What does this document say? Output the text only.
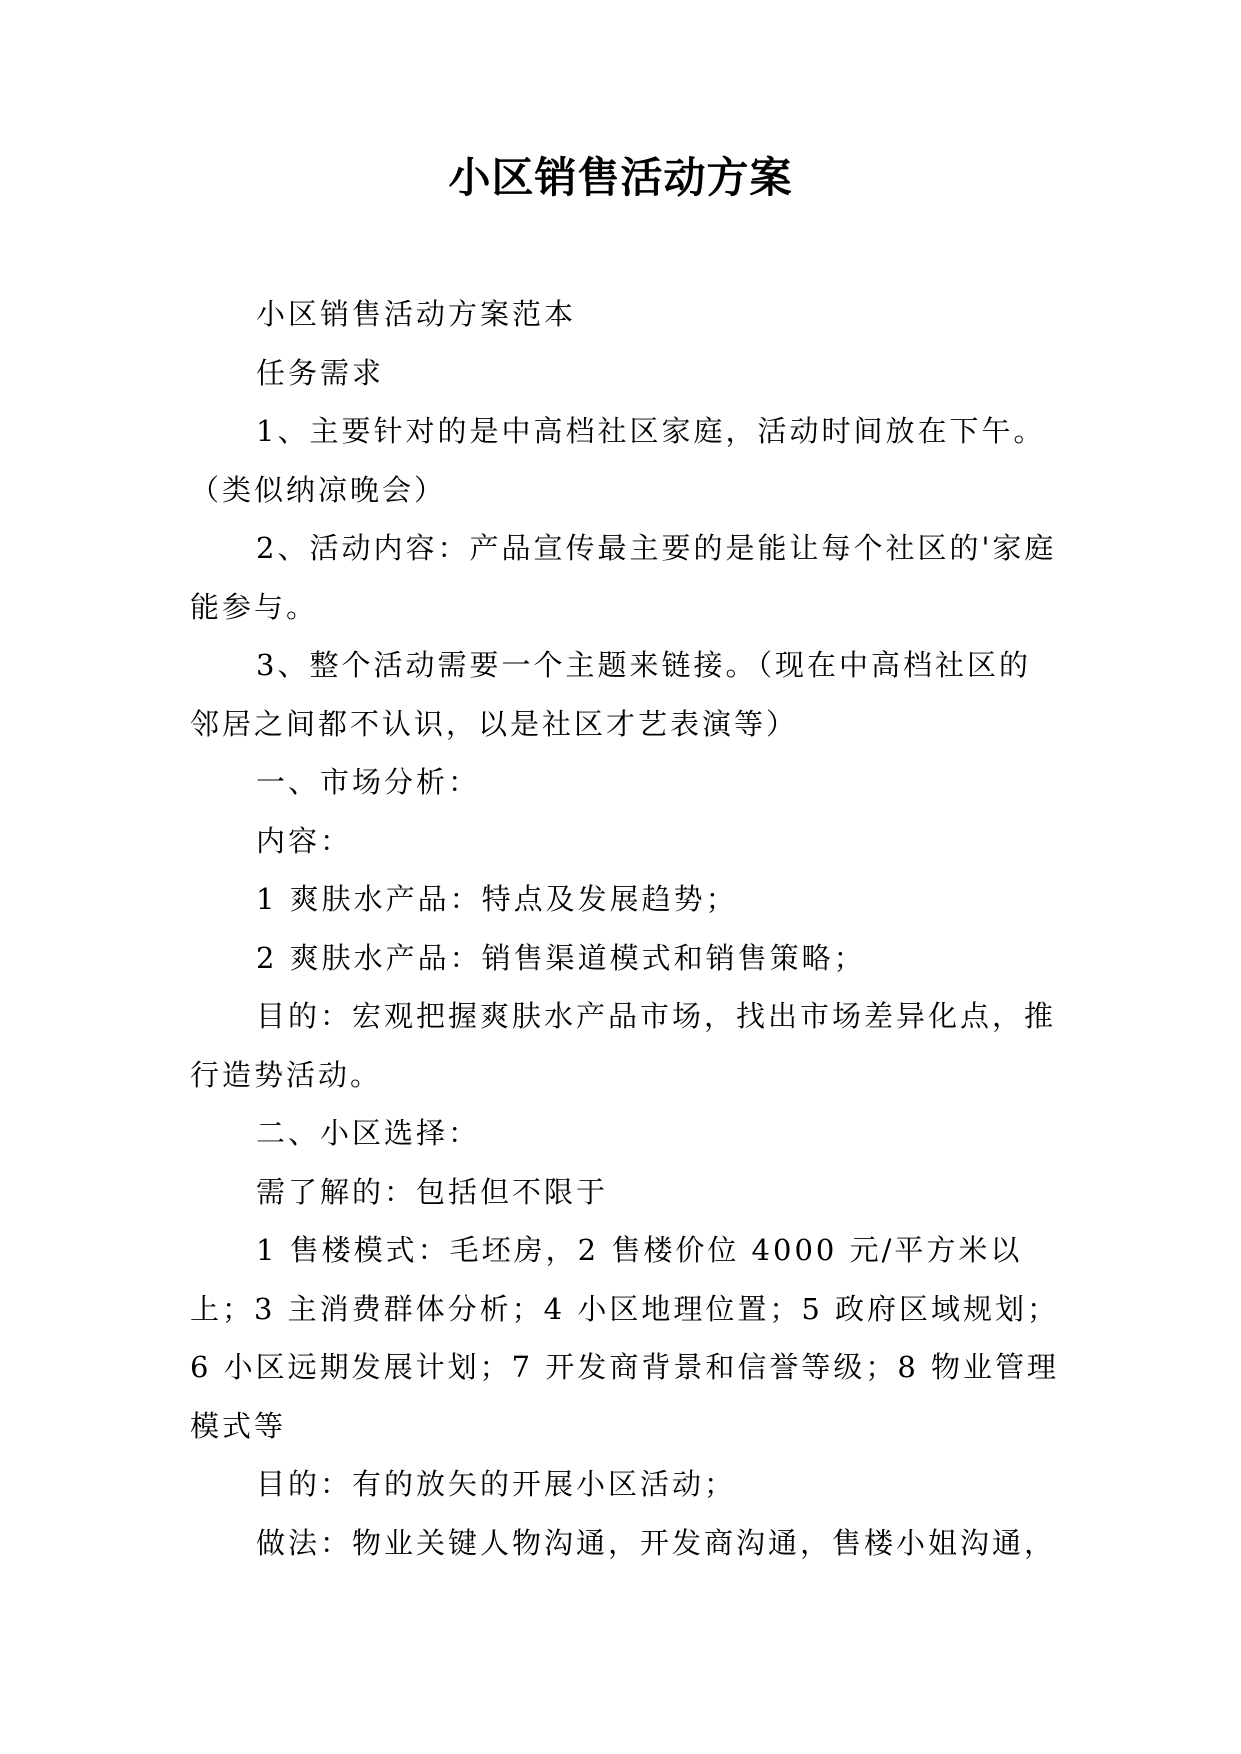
小区销售活动方案

小区销售活动方案范本

任务需求

1、主要针对的是中高档社区家庭，活动时间放在下午。（类似纳凉晚会）

2、活动内容：产品宣传最主要的是能让每个社区的'家庭能参与。

3、整个活动需要一个主题来链接。（现在中高档社区的邻居之间都不认识，以是社区才艺表演等）

一、市场分析：

内容：

1 爽肤水产品：特点及发展趋势；

2 爽肤水产品：销售渠道模式和销售策略；

目的：宏观把握爽肤水产品市场，找出市场差异化点，推行造势活动。

二、小区选择：

需了解的：包括但不限于

1 售楼模式：毛坯房，2 售楼价位 4000 元/平方米以上；3 主消费群体分析；4 小区地理位置；5 政府区域规划；6 小区远期发展计划；7 开发商背景和信誉等级；8 物业管理模式等

目的：有的放矢的开展小区活动；

做法：物业关键人物沟通，开发商沟通，售楼小姐沟通，
